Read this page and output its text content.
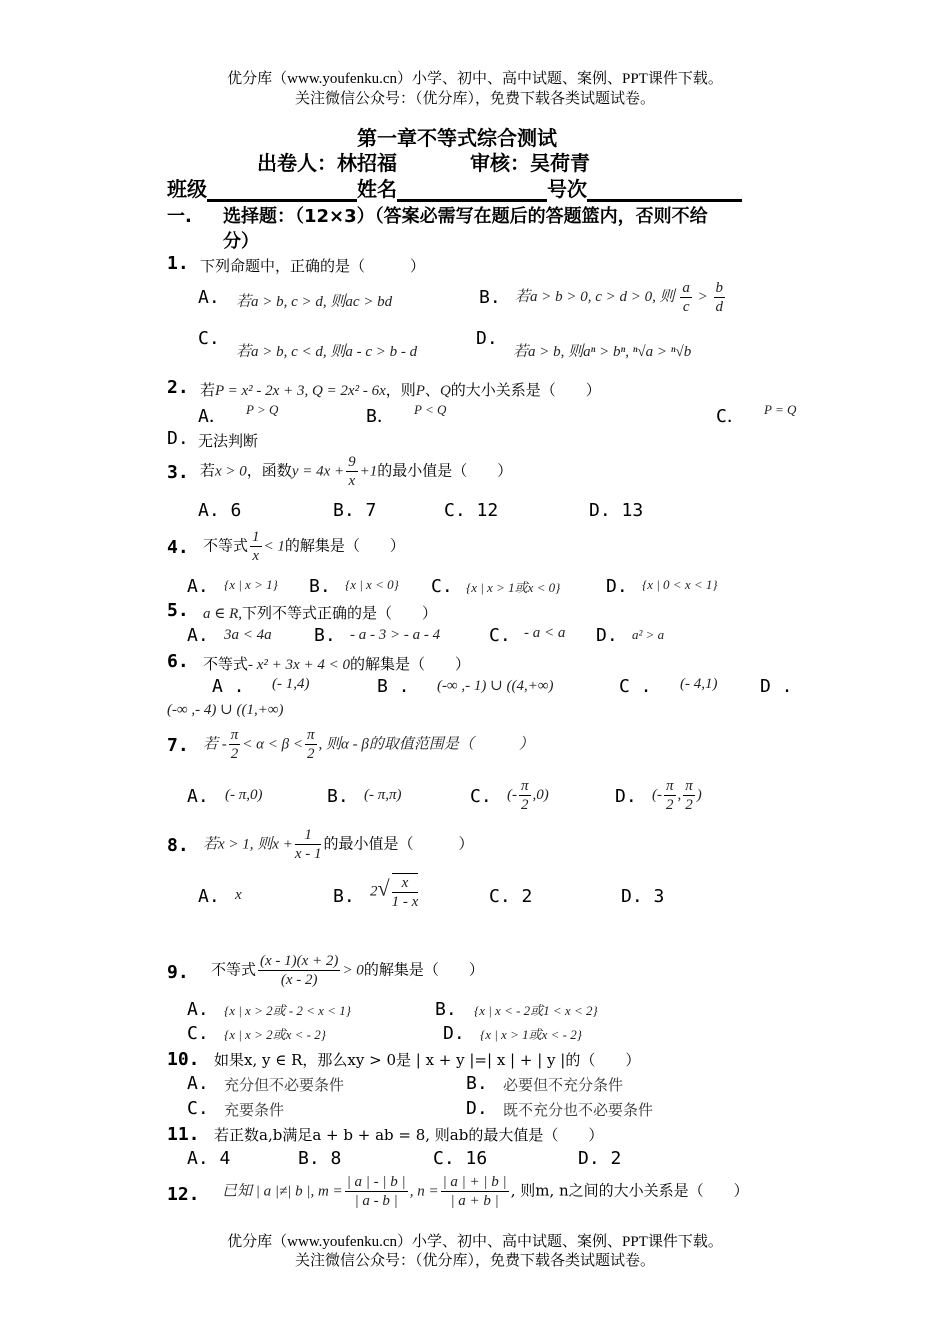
优分库（www.youfenku.cn）小学、初中、高中试题、案例、PPT课件下载。
关注微信公众号：（优分库），免费下载各类试题试卷。
第一章不等式综合测试
出卷人：林招福	审核：吴荷青
班级	姓名	号次
一. 选择题：（12×3）（答案必需写在题后的答题篮内，否则不给
分）
1. 下列命题中，正确的是（　　　）
A. 若a > b, c > d, 则ac > bd	B. 若a > b > 0, c > d > 0, 则 $\frac{a}{c} > \frac{b}{d}$
C.
若a > b, c < d, 则a - c > b - d
D.
若a > b, 则aⁿ > bⁿ, ⁿ√a > ⁿ√b
2. 若P = x² - 2x + 3, Q = 2x² - 6x，则P、Q的大小关系是（　　）
A． P > Q	B． P < Q	C． P = Q
D. 无法判断
3. 若x > 0，函数$y = 4x + \frac{9}{x} +1$的最小值是（　　）
A. 6	B. 7	C. 12	D. 13
4. 不等式 $\frac{1}{x} < 1$的解集是（　　）
A. {x | x > 1} B. {x | x < 0} C. {x | x > 1或x < 0}	D. {x | 0 < x < 1}
5. a ∈ R,下列不等式正确的是（　　）
A. 3a < 4a B. - a - 3 > - a - 4	C. - a < a D. a² > a
6. 不等式- x² + 3x + 4 < 0的解集是（　　）
A . (- 1,4)	B . (-∞ ,- 1) ∪ ((4,+∞)	C . (- 4,1) D .
(-∞ ,- 4) ∪ ((1,+∞)
7. 若 - $\frac{\pi}{2} < \alpha < \beta < \frac{\pi}{2}$ , 则α - β的取值范围是（　　　）
A. (- π,0)	B. (- π,π)	C. (- $\frac{\pi}{2} ,0$)	D. (- $\frac{\pi}{2}$ , $\frac{\pi}{2}$ )
8. 若x > 1, 则$x + \frac{1}{x - 1}$ 的最小值是（　　　）
A. x	B. $2√ \frac{x}{1 - x}$	C. 2	D. 3
9. 不等式 $\frac{(x - 1)(x + 2)}{(x - 2)} > 0$的解集是（　　）
A. {x | x > 2或 - 2 < x < 1}	B. {x | x < - 2或1 < x < 2}
C. {x | x > 2或x < - 2}	D. {x | x > 1或x < - 2}
10. 如果x, y ∈ R，那么xy > 0是 | x + y |=| x | + | y |的（　　）
A. 充分但不必要条件	B. 必要但不充分条件
C. 充要条件	D. 既不充分也不必要条件
11. 若正数a,b满足a + b + ab = 8, 则ab的最大值是（　　）
A. 4	B. 8	C. 16	D. 2
12. 已知 | a |≠| b |, $m = \frac{| a | - | b |}{| a - b |}$ , $n = \frac{| a | + | b |}{| a + b |}$ , 则m, n之间的大小关系是（　　）
优分库（www.youfenku.cn）小学、初中、高中试题、案例、PPT课件下载。
关注微信公众号：（优分库），免费下载各类试题试卷。
